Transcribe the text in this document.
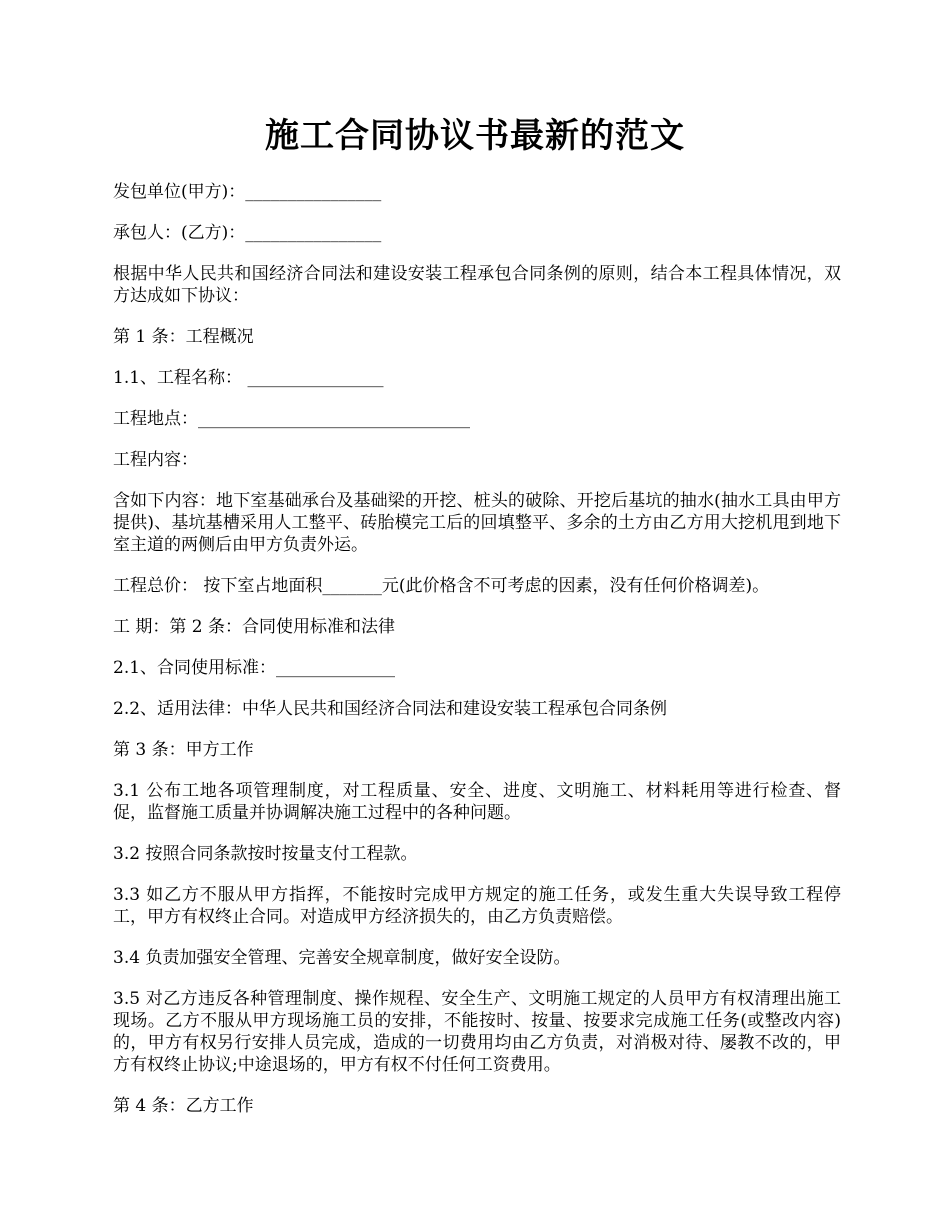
施工合同协议书最新的范文

发包单位(甲方)：________________

承包人：(乙方)：________________

根据中华人民共和国经济合同法和建设安装工程承包合同条例的原则，结合本工程具体情况，双方达成如下协议：

第 1 条：工程概况

1.1、工程名称： ________________

工程地点：________________________________

工程内容：

含如下内容：地下室基础承台及基础梁的开挖、桩头的破除、开挖后基坑的抽水(抽水工具由甲方提供)、基坑基槽采用人工整平、砖胎模完工后的回填整平、多余的土方由乙方用大挖机甩到地下室主道的两侧后由甲方负责外运。

工程总价： 按下室占地面积_______元(此价格含不可考虑的因素，没有任何价格调差)。

工 期：第 2 条：合同使用标准和法律

2.1、合同使用标准：______________

2.2、适用法律：中华人民共和国经济合同法和建设安装工程承包合同条例

第 3 条：甲方工作

3.1 公布工地各项管理制度，对工程质量、安全、进度、文明施工、材料耗用等进行检查、督促，监督施工质量并协调解决施工过程中的各种问题。

3.2 按照合同条款按时按量支付工程款。

3.3 如乙方不服从甲方指挥，不能按时完成甲方规定的施工任务，或发生重大失误导致工程停工，甲方有权终止合同。对造成甲方经济损失的，由乙方负责赔偿。

3.4 负责加强安全管理、完善安全规章制度，做好安全设防。

3.5 对乙方违反各种管理制度、操作规程、安全生产、文明施工规定的人员甲方有权清理出施工现场。乙方不服从甲方现场施工员的安排，不能按时、按量、按要求完成施工任务(或整改内容)的，甲方有权另行安排人员完成，造成的一切费用均由乙方负责，对消极对待、屡教不改的，甲方有权终止协议;中途退场的，甲方有权不付任何工资费用。

第 4 条：乙方工作
